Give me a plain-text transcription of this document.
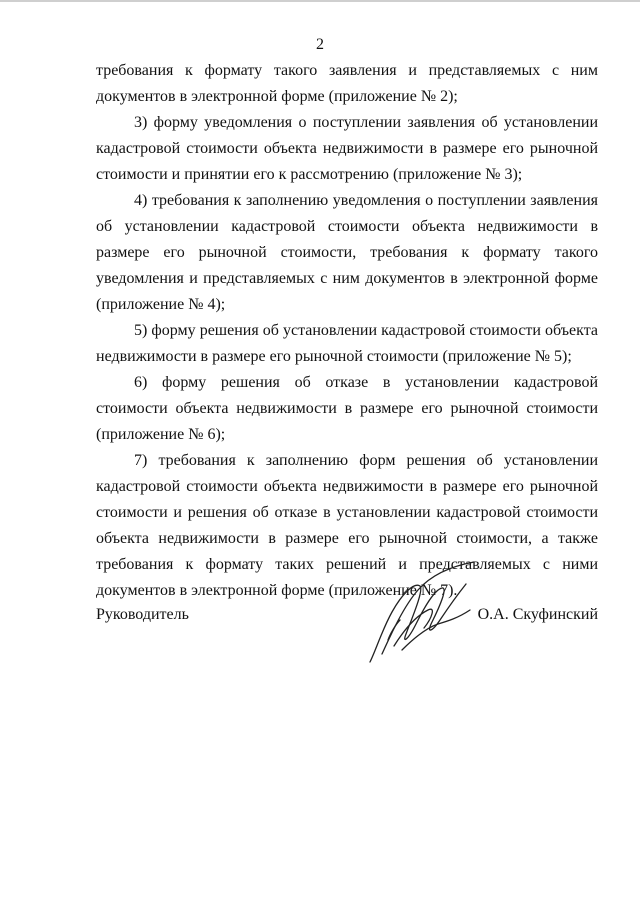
2

требования к формату такого заявления и представляемых с ним документов в электронной форме (приложение № 2);

3) форму уведомления о поступлении заявления об установлении кадастровой стоимости объекта недвижимости в размере его рыночной стоимости и принятии его к рассмотрению (приложение № 3);

4) требования к заполнению уведомления о поступлении заявления об установлении кадастровой стоимости объекта недвижимости в размере его рыночной стоимости, требования к формату такого уведомления и представляемых с ним документов в электронной форме (приложение № 4);

5) форму решения об установлении кадастровой стоимости объекта недвижимости в размере его рыночной стоимости (приложение № 5);

6) форму решения об отказе в установлении кадастровой стоимости объекта недвижимости в размере его рыночной стоимости (приложение № 6);

7) требования к заполнению форм решения об установлении кадастровой стоимости объекта недвижимости в размере его рыночной стоимости и решения об отказе в установлении кадастровой стоимости объекта недвижимости в размере его рыночной стоимости, а также требования к формату таких решений и представляемых с ними документов в электронной форме (приложение № 7).

Руководитель	О.А. Скуфинский
